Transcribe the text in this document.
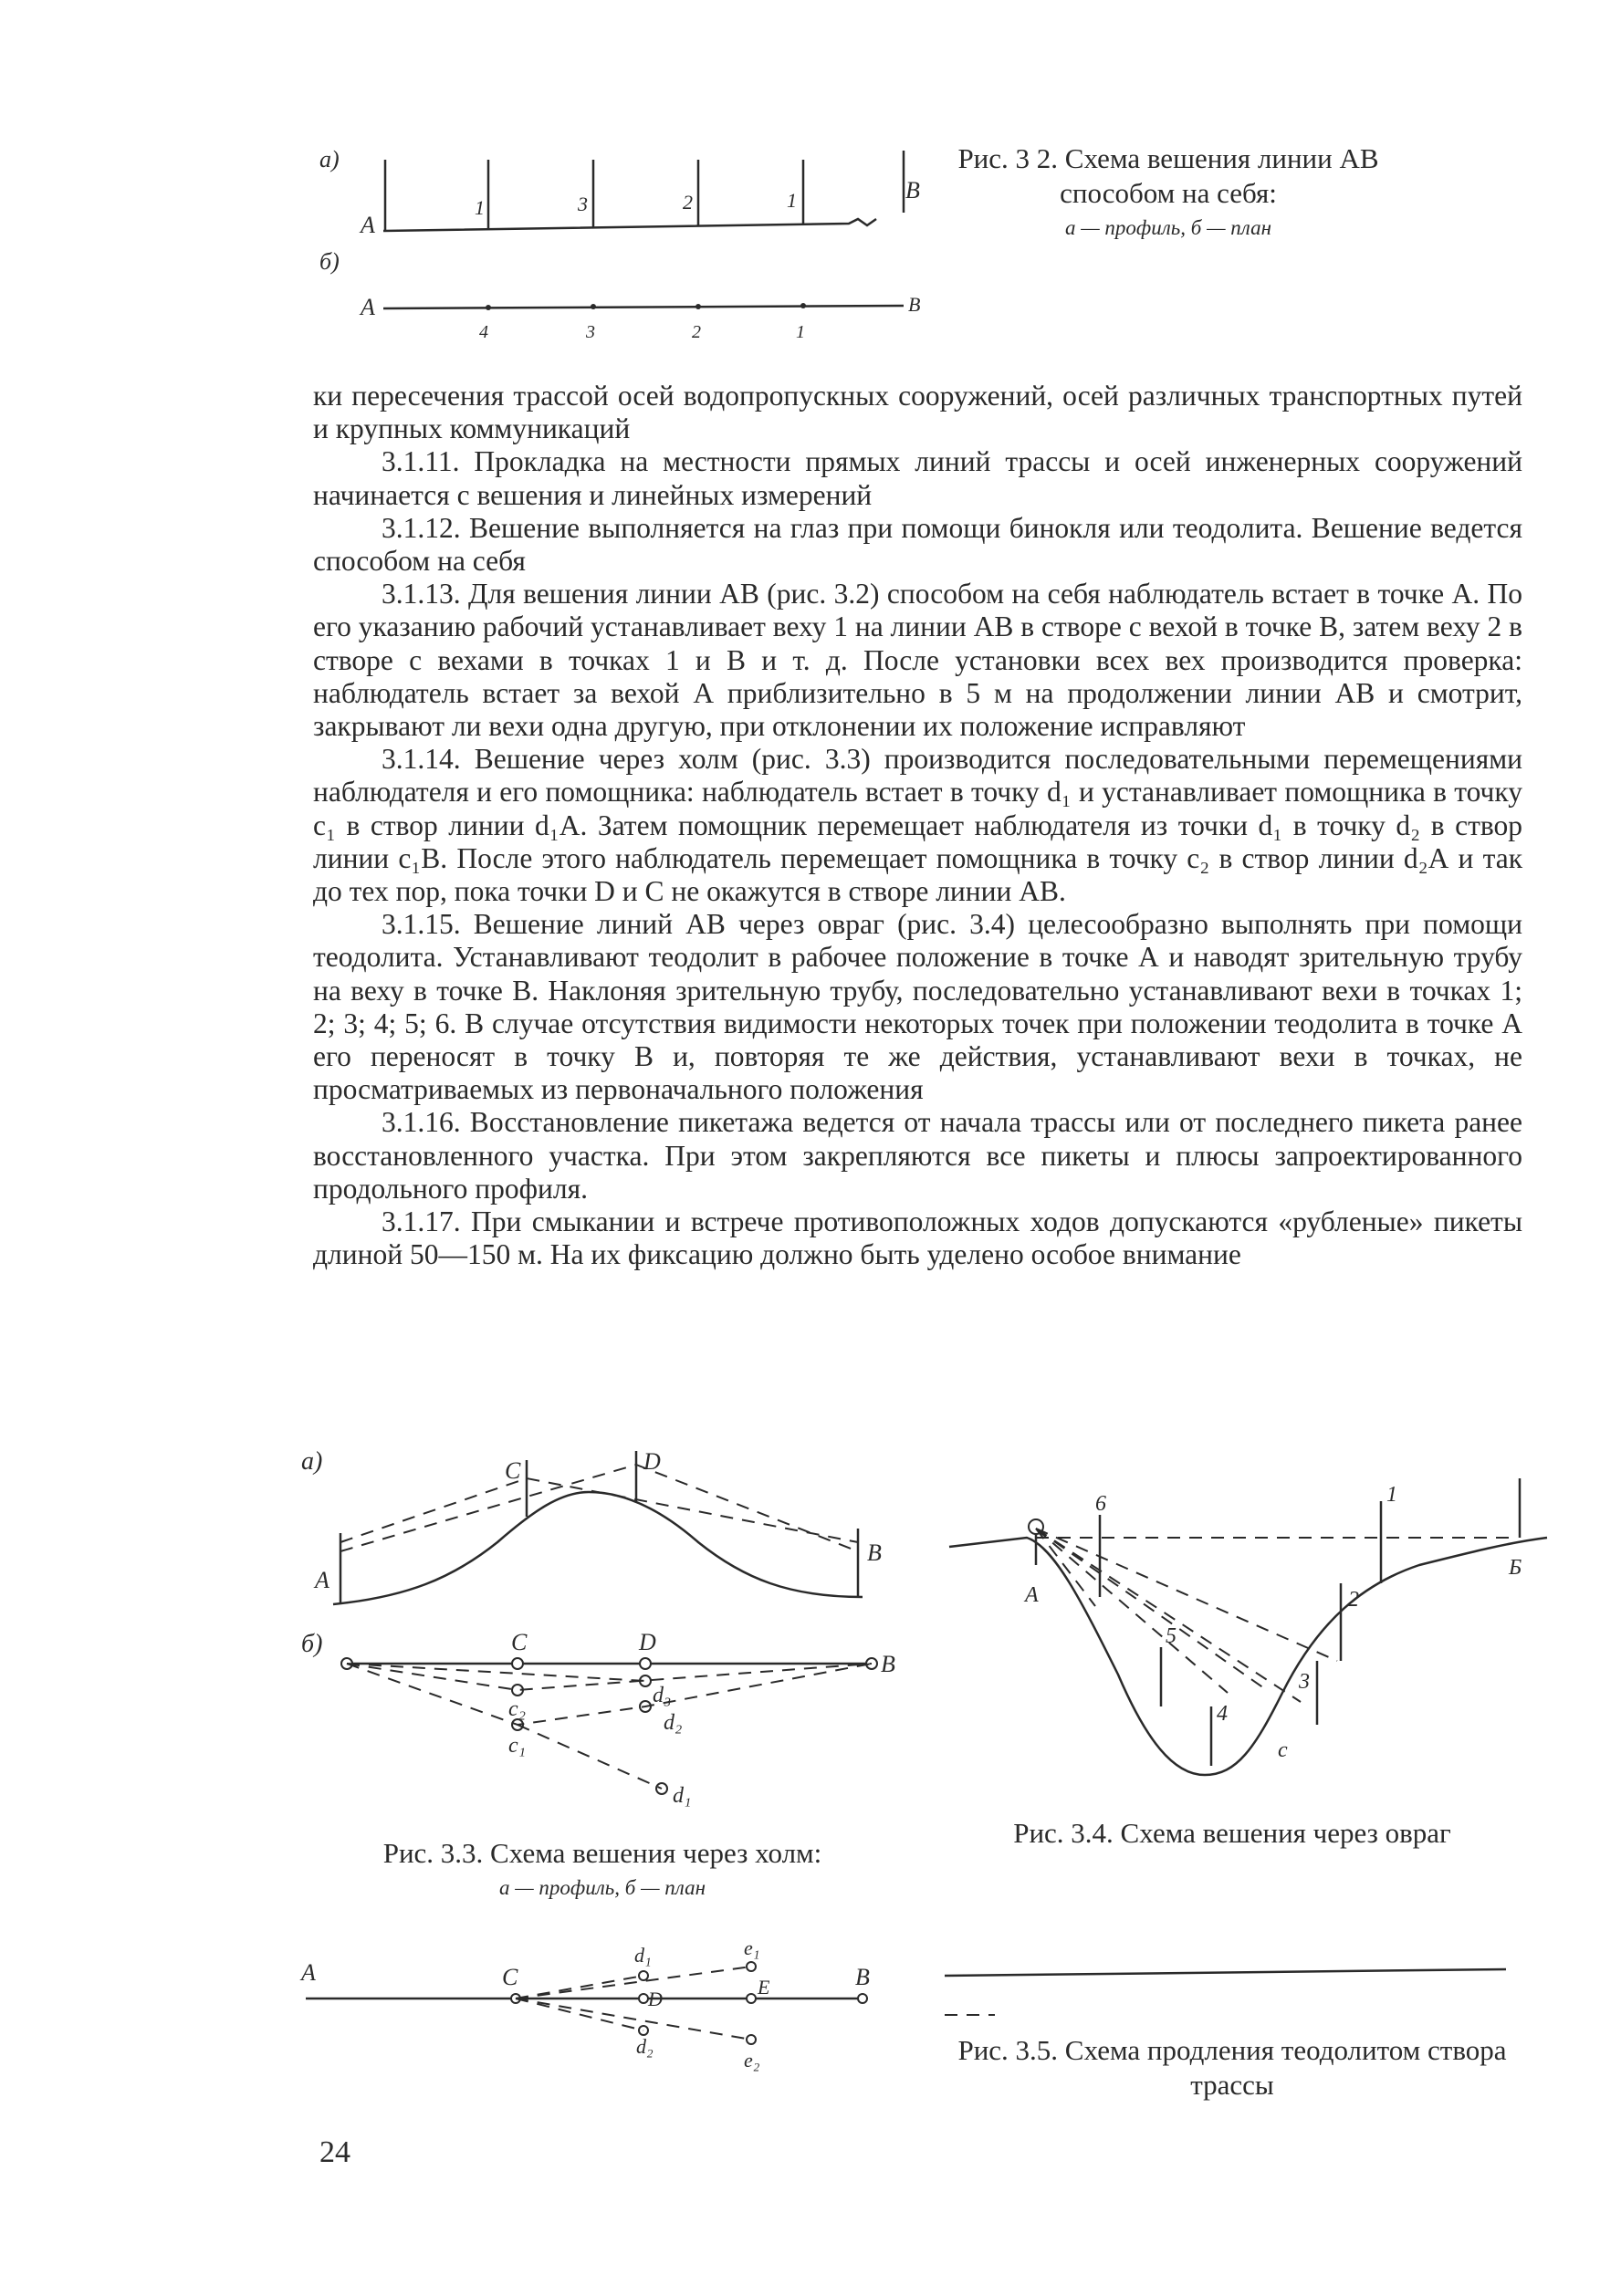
а)
б)
А
В
1	3	2	1
А	В
4	3	2	1
Рис. 3 2. Схема вешения линии АВ способом на себя:
а — профиль, б — план

ки пересечения трассой осей водопропускных сооружений, осей различных транспортных путей и крупных коммуникаций

3.1.11. Прокладка на местности прямых линий трассы и осей инженерных сооружений начинается с вешения и линейных измерений

3.1.12. Вешение выполняется на глаз при помощи бинокля или теодолита. Вешение ведется способом на себя

3.1.13. Для вешения линии АВ (рис. 3.2) способом на себя наблюдатель встает в точке А. По его указанию рабочий устанавливает веху 1 на линии АВ в створе с вехой в точке В, затем веху 2 в створе с вехами в точках 1 и В и т. д. После установки всех вех производится проверка: наблюдатель встает за вехой А приблизительно в 5 м на продолжении линии АВ и смотрит, закрывают ли вехи одна другую, при отклонении их положение исправляют

3.1.14. Вешение через холм (рис. 3.3) производится последовательными перемещениями наблюдателя и его помощника: наблюдатель встает в точку d₁ и устанавливает помощника в точку c₁ в створ линии d₁А. Затем помощник перемещает наблюдателя из точки d₁ в точку d₂ в створ линии c₁В. После этого наблюдатель перемещает помощника в точку c₂ в створ линии d₂А и так до тех пор, пока точки D и С не окажутся в створе линии АВ.

3.1.15. Вешение линий АВ через овраг (рис. 3.4) целесообразно выполнять при помощи теодолита. Устанавливают теодолит в рабочее положение в точке А и наводят зрительную трубу на веху в точке В. Наклоняя зрительную трубу, последовательно устанавливают вехи в точках 1; 2; 3; 4; 5; 6. В случае отсутствия видимости некоторых точек при положении теодолита в точке А его переносят в точку В и, повторяя те же действия, устанавливают вехи в точках, не просматриваемых из первоначального положения

3.1.16. Восстановление пикетажа ведется от начала трассы или от последнего пикета ранее восстановленного участка. При этом закрепляются все пикеты и плюсы запроектированного продольного профиля.

3.1.17. При смыкании и встрече противоположных ходов допускаются «рубленые» пикеты длиной 50—150 м. На их фиксацию должно быть уделено особое внимание

а)
б)
А
С	D
В
С	D
В
d₃
c₂
d₂
c₁
d₁
Рис. 3.3. Схема вешения через холм:
а — профиль, б — план
А
6
5
4
3
2
1
с
Б
Рис. 3.4. Схема вешения через овраг
А	С
d₁
D
e₁
Е	В
d₂
e₂	Рис. 3.5. Схема продления теодолитом створа трассы
24
